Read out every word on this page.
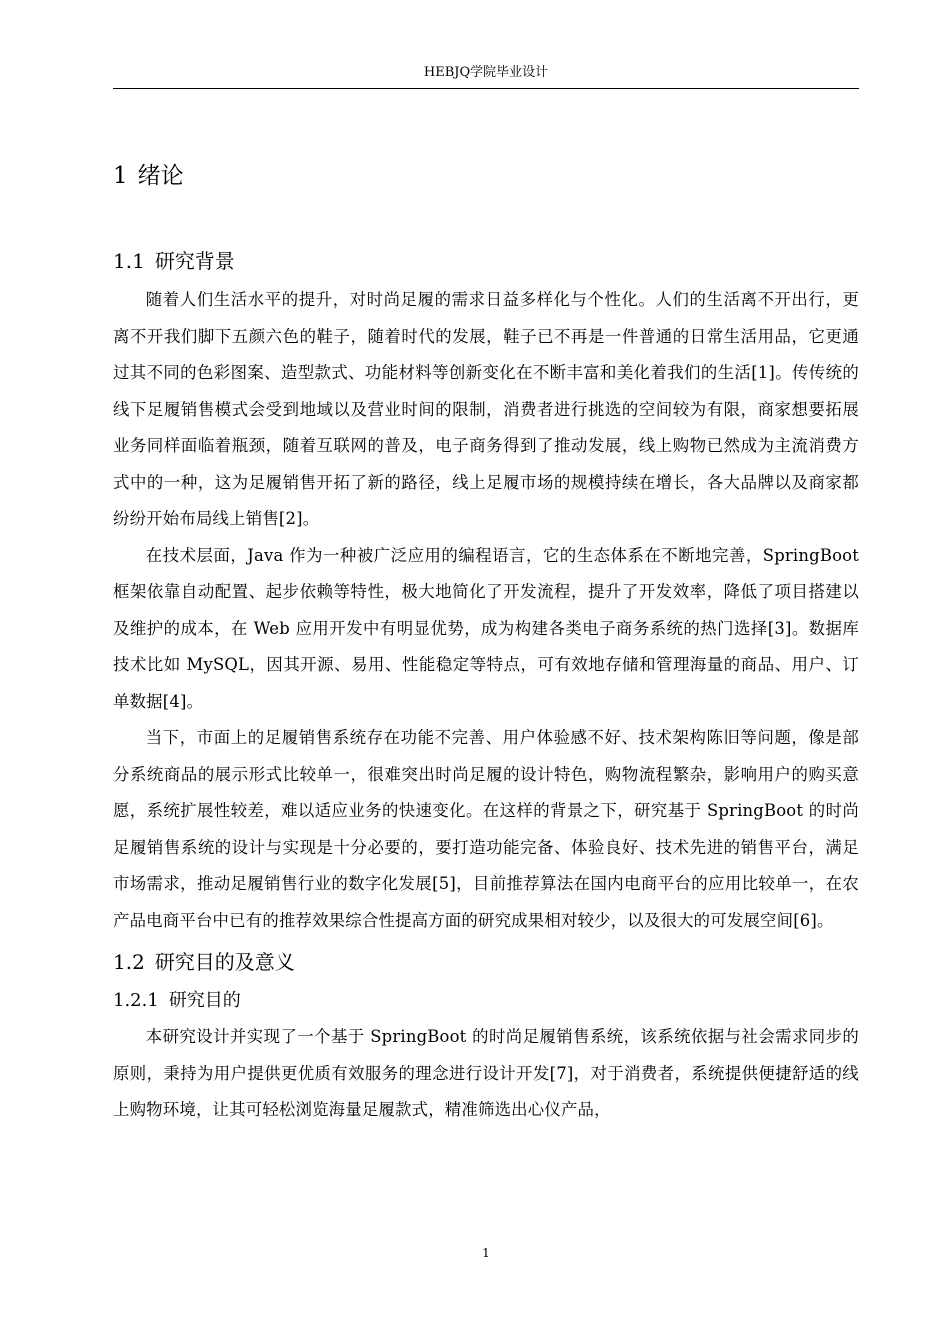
HEBJQ学院毕业设计
1 绪论
1.1 研究背景

随着人们生活水平的提升，对时尚足履的需求日益多样化与个性化。人们的生活离不开出行，更离不开我们脚下五颜六色的鞋子，随着时代的发展，鞋子已不再是一件普通的日常生活用品，它更通过其不同的色彩图案、造型款式、功能材料等创新变化在不断丰富和美化着我们的生活[1]。传传统的线下足履销售模式会受到地域以及营业时间的限制，消费者进行挑选的空间较为有限，商家想要拓展业务同样面临着瓶颈，随着互联网的普及，电子商务得到了推动发展，线上购物已然成为主流消费方式中的一种，这为足履销售开拓了新的路径，线上足履市场的规模持续在增长，各大品牌以及商家都纷纷开始布局线上销售[2]。

在技术层面，Java 作为一种被广泛应用的编程语言，它的生态体系在不断地完善，SpringBoot 框架依靠自动配置、起步依赖等特性，极大地简化了开发流程，提升了开发效率，降低了项目搭建以及维护的成本，在 Web 应用开发中有明显优势，成为构建各类电子商务系统的热门选择[3]。数据库技术比如 MySQL，因其开源、易用、性能稳定等特点，可有效地存储和管理海量的商品、用户、订单数据[4]。

当下，市面上的足履销售系统存在功能不完善、用户体验感不好、技术架构陈旧等问题，像是部分系统商品的展示形式比较单一，很难突出时尚足履的设计特色，购物流程繁杂，影响用户的购买意愿，系统扩展性较差，难以适应业务的快速变化。在这样的背景之下，研究基于 SpringBoot 的时尚足履销售系统的设计与实现是十分必要的，要打造功能完备、体验良好、技术先进的销售平台，满足市场需求，推动足履销售行业的数字化发展[5]，目前推荐算法在国内电商平台的应用比较单一，在农产品电商平台中已有的推荐效果综合性提高方面的研究成果相对较少，以及很大的可发展空间[6]。

1.2 研究目的及意义
1.2.1 研究目的

本研究设计并实现了一个基于 SpringBoot 的时尚足履销售系统，该系统依据与社会需求同步的原则，秉持为用户提供更优质有效服务的理念进行设计开发[7]，对于消费者，系统提供便捷舒适的线上购物环境，让其可轻松浏览海量足履款式，精准筛选出心仪产品，

1
